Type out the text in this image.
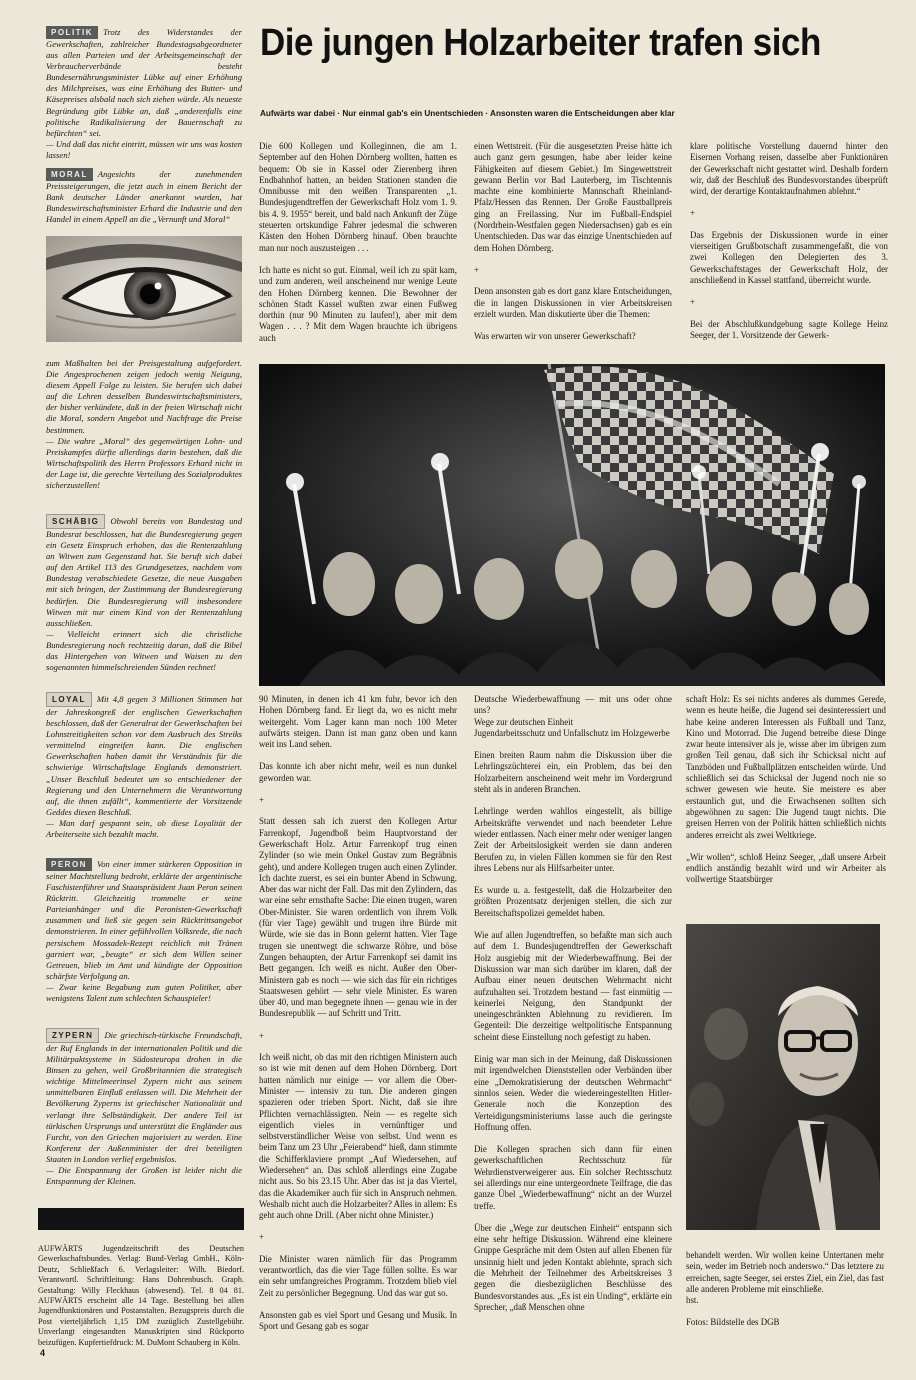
POLITIK Trotz des Widerstandes der Gewerkschaften, zahlreicher Bundestagsabgeordneter aus allen Parteien und der Arbeitsgemeinschaft der Verbraucherverbände besteht Bundesernährungsminister Lübke auf einer Erhöhung des Milchpreises, was eine Erhöhung des Butter- und Käsepreises alsbald nach sich ziehen würde. Als neueste Begründung gibt Lübke an, daß „anderenfalls eine politische Radikalisierung der Bauernschaft zu befürchten“ sei.

— Und daß das nicht eintritt, müssen wir uns was kosten lassen!

MORAL Angesichts der zunehmenden Preissteigerungen, die jetzt auch in einem Bericht der Bank deutscher Länder anerkannt wurden, hat Bundeswirtschaftsminister Erhard die Industrie und den Handel in einem Appell an die „Vernunft und Moral“

zum Maßhalten bei der Preisgestaltung aufgefordert. Die Angesprochenen zeigen jedoch wenig Neigung, diesem Appell Folge zu leisten. Sie berufen sich dabei auf die Lehren desselben Bundeswirtschaftsministers, der bisher verkündete, daß in der freien Wirtschaft nicht die Moral, sondern Angebot und Nachfrage die Preise bestimmen.

— Die wahre „Moral“ des gegenwärtigen Lohn- und Preiskampfes dürfte allerdings darin bestehen, daß die Wirtschaftspolitik des Herrn Professors Erhard nicht in der Lage ist, die gerechte Verteilung des Sozialproduktes sicherzustellen!

SCHÄBIG Obwohl bereits von Bundestag und Bundesrat beschlossen, hat die Bundesregierung gegen ein Gesetz Einspruch erhoben, das die Rentenzahlung an Witwen zum Gegenstand hat. Sie beruft sich dabei auf den Artikel 113 des Grundgesetzes, nachdem vom Bundestag verabschiedete Gesetze, die neue Ausgaben mit sich bringen, der Zustimmung der Bundesregierung bedürfen. Die Bundesregierung will insbesondere Witwen mit nur einem Kind von der Rentenzahlung ausschließen.

— Vielleicht erinnert sich die christliche Bundesregierung noch rechtzeitig daran, daß die Bibel das Hintergehen von Witwen und Waisen zu den sogenannten himmelschreienden Sünden rechnet!

LOYAL Mit 4,8 gegen 3 Millionen Stimmen hat der Jahreskongreß der englischen Gewerkschaften beschlossen, daß der Generalrat der Gewerkschaften bei Lohnstreitigkeiten schon vor dem Ausbruch des Streiks vermittelnd eingreifen kann. Die englischen Gewerkschaften haben damit ihr Verständnis für die schwierige Wirtschaftslage Englands demonstriert. „Unser Beschluß bedeutet um so entschiedener der Regierung und den Unternehmern die Verantwortung auf, die ihnen zufällt“, kommentierte der Vorsitzende Geddes diesen Beschluß.

— Man darf gespannt sein, ob diese Loyalität der Arbeiterseite sich bezahlt macht.

PERON Von einer immer stärkeren Opposition in seiner Machtstellung bedroht, erklärte der argentinische Faschistenführer und Staatspräsident Juan Peron seinen Rücktritt. Gleichzeitig trommelte er seine Parteianhänger und die Peronisten-Gewerkschaft zusammen und ließ sie gegen sein Rücktrittsangebot demonstrieren. In einer gefühlvollen Volksrede, die nach persischem Mossadek-Rezept reichlich mit Tränen garniert war, „beugte“ er sich dem Willen seiner Getreuen, blieb im Amt und kündigte der Opposition schärfste Verfolgung an.

— Zwar keine Begabung zum guten Politiker, aber wenigstens Talent zum schlechten Schauspieler!

ZYPERN Die griechisch-türkische Freundschaft, der Ruf Englands in der internationalen Politik und die Militärpaktsysteme in Südosteuropa drohen in die Binsen zu gehen, weil Großbritannien die strategisch wichtige Mittelmeerinsel Zypern nicht aus seinem unmittelbaren Einfluß entlassen will. Die Mehrheit der Bevölkerung Zyperns ist griechischer Nationalität und verlangt ihre Selbständigkeit. Der andere Teil ist türkischen Ursprungs und unterstützt die Engländer aus Furcht, von den Griechen majorisiert zu werden. Eine Konferenz der Außenminister der drei beteiligten Staaten in London verlief ergebnislos.

— Die Entspannung der Großen ist leider nicht die Entspannung der Kleinen.

AUFWÄRTS Jugendzeitschrift des Deutschen Gewerkschaftsbundes. Verlag: Bund-Verlag GmbH., Köln-Deutz, Schließfach 6. Verlagsleiter: Wilh. Biedorf. Verantwortl. Schriftleitung: Hans Dohrenbusch. Graph. Gestaltung: Willy Fleckhaus (abwesend). Tel. 8 04 81. AUFWÄRTS erscheint alle 14 Tage. Bestellung bei allen Jugendfunktionären und Postanstalten. Bezugspreis durch die Post vierteljährlich 1,15 DM zuzüglich Zustellgebühr. Unverlangt eingesandten Manuskripten sind Rückporto beizufügen. Kupfertiefdruck: M. DuMont Schauberg in Köln.
4
Die jungen Holzarbeiter trafen sich
Aufwärts war dabei · Nur einmal gab's ein Unentschieden · Ansonsten waren die Entscheidungen aber klar

Die 600 Kollegen und Kolleginnen, die am 1. September auf den Hohen Dörnberg wollten, hatten es bequem: Ob sie in Kassel oder Zierenberg ihren Endbahnhof hatten, an beiden Stationen standen die Omnibusse mit den weißen Transparenten „1. Bundesjugendtreffen der Gewerkschaft Holz vom 1. 9. bis 4. 9. 1955“ bereit, und bald nach Ankunft der Züge steuerten ortskundige Fahrer jedesmal die schweren Kästen den Hohen Dörnberg hinauf. Oben brauchte man nur noch auszusteigen . . .

Ich hatte es nicht so gut. Einmal, weil ich zu spät kam, und zum anderen, weil anscheinend nur wenige Leute den Hohen Dörnberg kennen. Die Bewohner der schönen Stadt Kassel wußten zwar einen Fußweg dorthin (nur 90 Minuten zu laufen!), aber mit dem Wagen . . . ? Mit dem Wagen brauchte ich übrigens auch

einen Wettstreit. (Für die ausgesetzten Preise hätte ich auch ganz gern gesungen, habe aber leider keine Fähigkeiten auf diesem Gebiet.) Im Singewettstreit gewann Berlin vor Bad Lauterberg, im Tischtennis machte eine kombinierte Mannschaft Rheinland-Pfalz/Hessen das Rennen. Der Große Faustballpreis ging an Freilassing. Nur im Fußball-Endspiel (Nordrhein-Westfalen gegen Niedersachsen) gab es ein Unentschieden. Das war das einzige Unentschieden auf dem Hohen Dörnberg.

+

Denn ansonsten gab es dort ganz klare Entscheidungen, die in langen Diskussionen in vier Arbeitskreisen erzielt wurden. Man diskutierte über die Themen:

Was erwarten wir von unserer Gewerkschaft?

klare politische Vorstellung dauernd hinter den Eisernen Vorhang reisen, dasselbe aber Funktionären der Gewerkschaft nicht gestattet wird. Deshalb fordern wir, daß der Beschluß des Bundesvorstandes überprüft wird, der derartige Kontaktaufnahmen ablehnt.“

+

Das Ergebnis der Diskussionen wurde in einer vierseitigen Grußbotschaft zusammengefaßt, die von zwei Kollegen den Delegierten des 3. Gewerkschaftstages der Gewerkschaft Holz, der anschließend in Kassel stattfand, überreicht wurde.

+

Bei der Abschlußkundgebung sagte Kollege Heinz Seeger, der 1. Vorsitzende der Gewerk-

90 Minuten, in denen ich 41 km fuhr, bevor ich den Hohen Dörnberg fand. Er liegt da, wo es nicht mehr weitergeht. Vom Lager kann man noch 100 Meter aufwärts steigen. Dann ist man ganz oben und kann weit ins Land sehen.

Das konnte ich aber nicht mehr, weil es nun dunkel geworden war.

+

Statt dessen sah ich zuerst den Kollegen Artur Farrenkopf, Jugendboß beim Hauptvorstand der Gewerkschaft Holz. Artur Farrenkopf trug einen Zylinder (so wie mein Onkel Gustav zum Begräbnis geht), und andere Kollegen trugen auch einen Zylinder. Ich dachte zuerst, es sei ein bunter Abend in Schwung. Aber das war nicht der Fall. Das mit den Zylindern, das war eine sehr ernsthafte Sache: Die einen trugen, waren Ober-Minister. Sie waren ordentlich von ihrem Volk (für vier Tage) gewählt und trugen ihre Bürde mit Würde, wie sie das in Bonn gelernt hatten. Vier Tage trugen sie unentwegt die schwarze Röhre, und böse Zungen behaupten, der Artur Farrenkopf sei damit ins Bett gegangen. Ich weiß es nicht. Außer den Ober-Ministern gab es noch — wie sich das für ein richtiges Staatswesen gehört — sehr viele Minister. Es waren über 40, und man begegnete ihnen — genau wie in der Bundesrepublik — auf Schritt und Tritt.

+

Ich weiß nicht, ob das mit den richtigen Ministern auch so ist wie mit denen auf dem Hohen Dörnberg. Dort hatten nämlich nur einige — vor allem die Ober-Minister — intensiv zu tun. Die anderen gingen spazieren oder trieben Sport. Nicht, daß sie ihre Pflichten vernachlässigten. Nein — es regelte sich eigentlich vieles in vernünftiger und selbstverständlicher Weise von selbst. Und wenn es beim Tanz um 23 Uhr „Feierabend“ hieß, dann stimmte die Schifferklaviere prompt „Auf Wiedersehen, auf Wiedersehen“ an. Das schloß allerdings eine Zugabe nicht aus. So bis 23.15 Uhr. Aber das ist ja das Viertel, das die Akademiker auch für sich in Anspruch nehmen. Weshalb nicht auch die Holzarbeiter? Alles in allem: Es geht auch ohne Drill. (Aber nicht ohne Minister.)

+

Die Minister waren nämlich für das Programm verantwortlich, das die vier Tage füllen sollte. Es war ein sehr umfangreiches Programm. Trotzdem blieb viel Zeit zu persönlicher Begegnung. Und das war gut so.

Ansonsten gab es viel Sport und Gesang und Musik. In Sport und Gesang gab es sogar

Deutsche Wiederbewaffnung — mit uns oder ohne uns?
Wege zur deutschen Einheit
Jugendarbeitsschutz und Unfallschutz im Holzgewerbe

Einen breiten Raum nahm die Diskussion über die Lehrlingszüchterei ein, ein Problem, das bei den Holzarbeitern anscheinend weit mehr im Vordergrund steht als in anderen Branchen.

Lehrlinge werden wahllos eingestellt, als billige Arbeitskräfte verwendet und nach beendeter Lehre wieder entlassen. Nach einer mehr oder weniger langen Zeit der Arbeitslosigkeit werden sie dann anderen Berufen zu, in vielen Fällen kommen sie für den Rest ihres Lebens nur als Hilfsarbeiter unter.

Es wurde u. a. festgestellt, daß die Holzarbeiter den größten Prozentsatz derjenigen stellen, die sich zur Bereitschaftspolizei gemeldet haben.

Wie auf allen Jugendtreffen, so befaßte man sich auch auf dem 1. Bundesjugendtreffen der Gewerkschaft Holz ausgiebig mit der Wiederbewaffnung. Bei der Diskussion war man sich darüber im klaren, daß der Aufbau einer neuen deutschen Wehrmacht nicht aufzuhalten sei. Trotzdem bestand — fast einmütig — keinerlei Neigung, den Standpunkt der uneingeschränkten Ablehnung zu revidieren. Im Gegenteil: Die derzeitige weltpolitische Entspannung scheint diese Einstellung noch gefestigt zu haben.

Einig war man sich in der Meinung, daß Diskussionen mit irgendwelchen Dienststellen oder Verbänden über eine „Demokratisierung der deutschen Wehrmacht“ sinnlos seien. Weder die wiedereingestellten Hitler-Generale noch die Konzeption des Verteidigungsministeriums lasse auch die geringste Hoffnung offen.

Die Kollegen sprachen sich dann für einen gewerkschaftlichen Rechtsschutz für Wehrdienstverweigerer aus. Ein solcher Rechtsschutz sei allerdings nur eine untergeordnete Teilfrage, die das ganze Übel „Wiederbewaffnung“ nicht an der Wurzel treffe.

Über die „Wege zur deutschen Einheit“ entspann sich eine sehr heftige Diskussion. Während eine kleinere Gruppe Gespräche mit dem Osten auf allen Ebenen für unsinnig hielt und jeden Kontakt ablehnte, sprach sich die Mehrheit der Teilnehmer des Arbeitskreises 3 gegen die diesbezüglichen Beschlüsse des Bundesvorstandes aus. „Es ist ein Unding“, erklärte ein Sprecher, „daß Menschen ohne

schaft Holz: Es sei nichts anderes als dummes Gerede, wenn es heute heiße, die Jugend sei desinteressiert und habe keine anderen Interessen als Fußball und Tanz, Kino und Motorrad. Die Jugend betreibe diese Dinge zwar heute intensiver als je, wisse aber im übrigen zum großen Teil genau, daß sich ihr Schicksal nicht auf Tanzböden und Fußballplätzen entscheiden würde. Und schließlich sei das Schicksal der Jugend noch nie so schwer gewesen wie heute. Sie meistere es aber erstaunlich gut, und die Erwachsenen sollten sich abgewöhnen zu sagen: Die Jugend taugt nichts. Die greisen Herren von der Politik hätten schließlich nichts anderes erreicht als zwei Weltkriege.

„Wir wollen“, schloß Heinz Seeger, „daß unsere Arbeit endlich anständig bezahlt wird und wir Arbeiter als vollwertige Staatsbürger

behandelt werden. Wir wollen keine Untertanen mehr sein, weder im Betrieb noch anderswo.“ Das letztere zu erreichen, sagte Seeger, sei erstes Ziel, ein Ziel, das fast alle anderen Probleme mit einschließe.

hst.

Fotos: Bildstelle des DGB
